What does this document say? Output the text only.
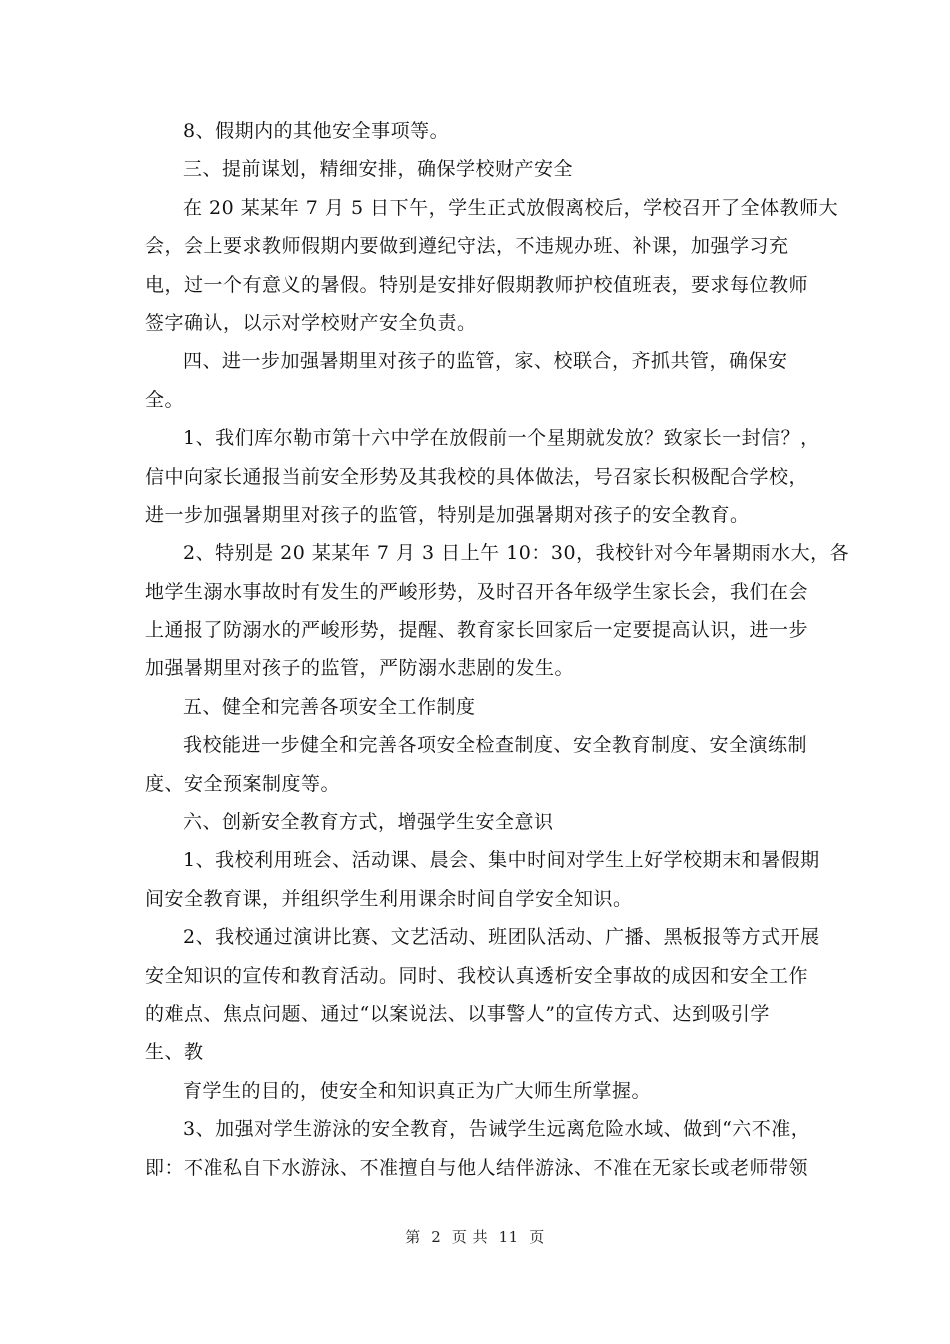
8、假期内的其他安全事项等。
三、提前谋划，精细安排，确保学校财产安全
在 20 某某年 7 月 5 日下午，学生正式放假离校后，学校召开了全体教师大
会，会上要求教师假期内要做到遵纪守法，不违规办班、补课，加强学习充
电，过一个有意义的暑假。特别是安排好假期教师护校值班表，要求每位教师
签字确认，以示对学校财产安全负责。
四、进一步加强暑期里对孩子的监管，家、校联合，齐抓共管，确保安
全。
1、我们库尔勒市第十六中学在放假前一个星期就发放？致家长一封信？，
信中向家长通报当前安全形势及其我校的具体做法，号召家长积极配合学校，
进一步加强暑期里对孩子的监管，特别是加强暑期对孩子的安全教育。
2、特别是 20 某某年 7 月 3 日上午 10：30，我校针对今年暑期雨水大，各
地学生溺水事故时有发生的严峻形势，及时召开各年级学生家长会，我们在会
上通报了防溺水的严峻形势，提醒、教育家长回家后一定要提高认识，进一步
加强暑期里对孩子的监管，严防溺水悲剧的发生。
五、健全和完善各项安全工作制度
我校能进一步健全和完善各项安全检查制度、安全教育制度、安全演练制
度、安全预案制度等。
六、创新安全教育方式，增强学生安全意识
1、我校利用班会、活动课、晨会、集中时间对学生上好学校期末和暑假期
间安全教育课，并组织学生利用课余时间自学安全知识。
2、我校通过演讲比赛、文艺活动、班团队活动、广播、黑板报等方式开展
安全知识的宣传和教育活动。同时、我校认真透析安全事故的成因和安全工作
的难点、焦点问题、通过“以案说法、以事警人”的宣传方式、达到吸引学
生、教
育学生的目的，使安全和知识真正为广大师生所掌握。
3、加强对学生游泳的安全教育，告诫学生远离危险水域、做到“六不准，
即：不准私自下水游泳、不准擅自与他人结伴游泳、不准在无家长或老师带领
第  2  页 共  11  页
